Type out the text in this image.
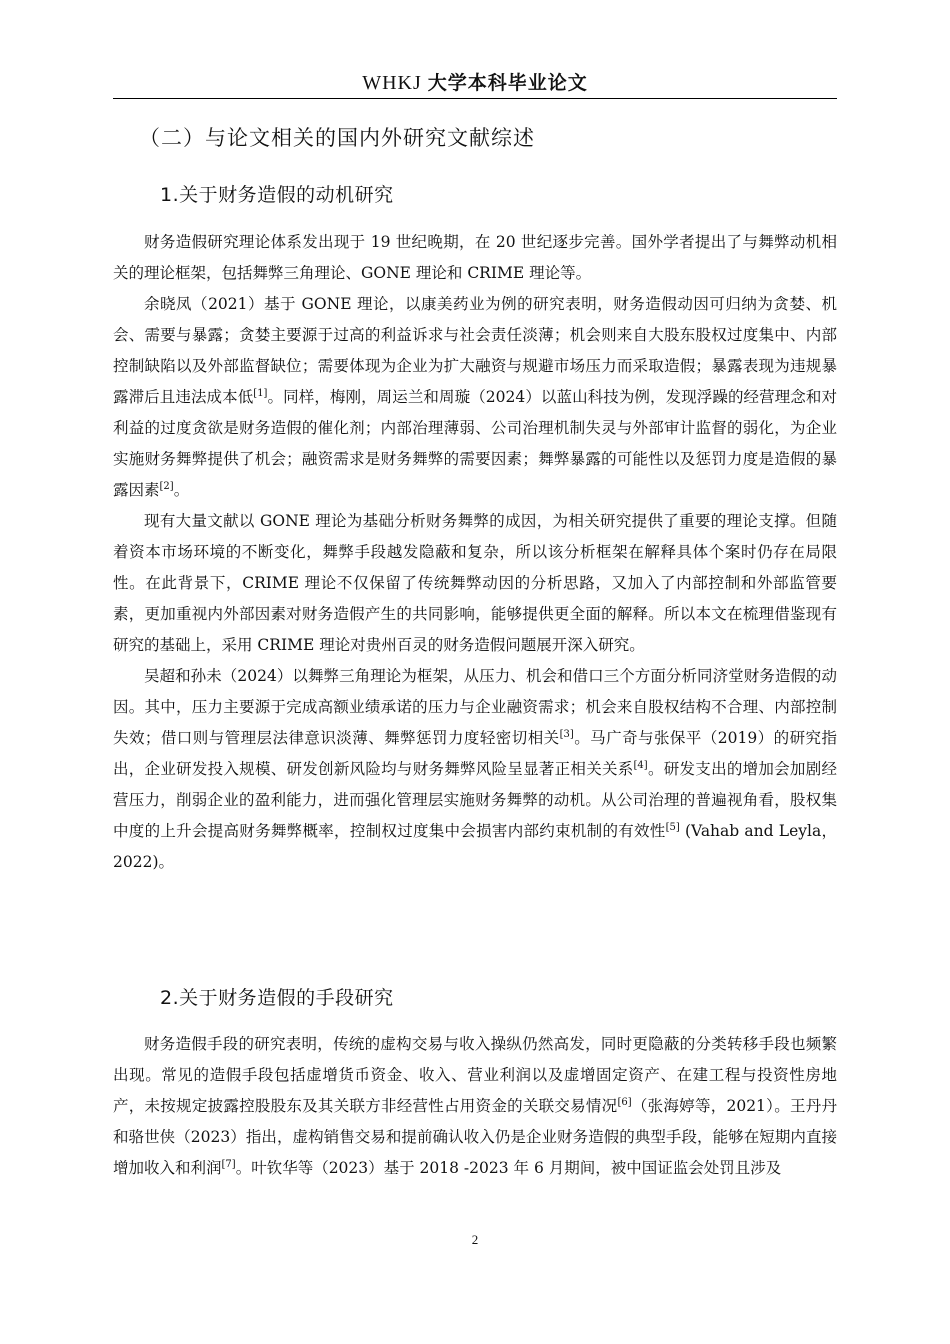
WHKJ 大学本科毕业论文
（二）与论文相关的国内外研究文献综述
1.关于财务造假的动机研究

财务造假研究理论体系发出现于 19 世纪晚期，在 20 世纪逐步完善。国外学者提出了与舞弊动机相关的理论框架，包括舞弊三角理论、GONE 理论和 CRIME 理论等。

余晓凤（2021）基于 GONE 理论，以康美药业为例的研究表明，财务造假动因可归纳为贪婪、机会、需要与暴露；贪婪主要源于过高的利益诉求与社会责任淡薄；机会则来自大股东股权过度集中、内部控制缺陷以及外部监督缺位；需要体现为企业为扩大融资与规避市场压力而采取造假；暴露表现为违规暴露滞后且违法成本低[1]。同样，梅刚，周运兰和周璇（2024）以蓝山科技为例，发现浮躁的经营理念和对利益的过度贪欲是财务造假的催化剂；内部治理薄弱、公司治理机制失灵与外部审计监督的弱化，为企业实施财务舞弊提供了机会；融资需求是财务舞弊的需要因素；舞弊暴露的可能性以及惩罚力度是造假的暴露因素[2]。

现有大量文献以 GONE 理论为基础分析财务舞弊的成因，为相关研究提供了重要的理论支撑。但随着资本市场环境的不断变化，舞弊手段越发隐蔽和复杂，所以该分析框架在解释具体个案时仍存在局限性。在此背景下，CRIME 理论不仅保留了传统舞弊动因的分析思路，又加入了内部控制和外部监管要素，更加重视内外部因素对财务造假产生的共同影响，能够提供更全面的解释。所以本文在梳理借鉴现有研究的基础上，采用 CRIME 理论对贵州百灵的财务造假问题展开深入研究。

吴超和孙未（2024）以舞弊三角理论为框架，从压力、机会和借口三个方面分析同济堂财务造假的动因。其中，压力主要源于完成高额业绩承诺的压力与企业融资需求；机会来自股权结构不合理、内部控制失效；借口则与管理层法律意识淡薄、舞弊惩罚力度轻密切相关[3]。马广奇与张保平（2019）的研究指出，企业研发投入规模、研发创新风险均与财务舞弊风险呈显著正相关关系[4]。研发支出的增加会加剧经营压力，削弱企业的盈利能力，进而强化管理层实施财务舞弊的动机。从公司治理的普遍视角看，股权集中度的上升会提高财务舞弊概率，控制权过度集中会损害内部约束机制的有效性[5] (Vahab and Leyla，2022)。

2.关于财务造假的手段研究

财务造假手段的研究表明，传统的虚构交易与收入操纵仍然高发，同时更隐蔽的分类转移手段也频繁出现。常见的造假手段包括虚增货币资金、收入、营业利润以及虚增固定资产、在建工程与投资性房地产，未按规定披露控股股东及其关联方非经营性占用资金的关联交易情况[6]（张海婷等，2021）。王丹丹和骆世侠（2023）指出，虚构销售交易和提前确认收入仍是企业财务造假的典型手段，能够在短期内直接增加收入和利润[7]。叶钦华等（2023）基于 2018 -2023 年 6 月期间，被中国证监会处罚且涉及

2
